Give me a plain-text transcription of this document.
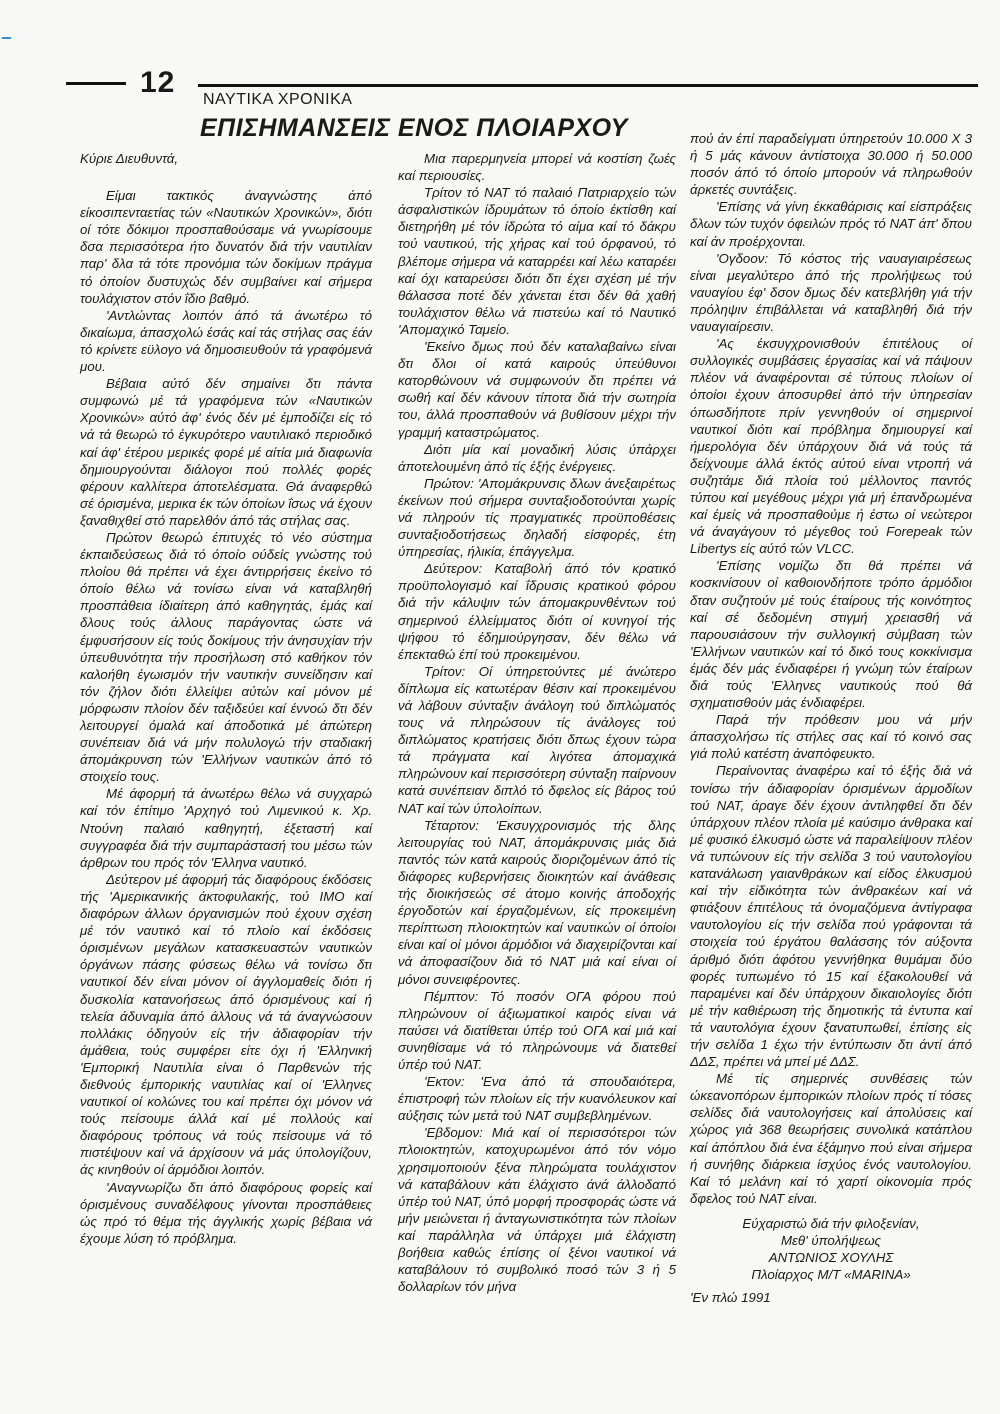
12
ΝΑΥΤΙΚΑ ΧΡΟΝΙΚΑ
ΕΠΙΣΗΜΑΝΣΕΙΣ ΕΝΟΣ ΠΛΟΙΑΡΧΟΥ

Κύριε Διευθυντά,

Είμαι τακτικός άναγνώστης άπό είκοσιπενταετίας τών «Ναυτικών Χρονικών», διότι οί τότε δόκιμοι προσπαθούσαμε νά γνωρίσουμε δσα περισσότερα ήτο δυνατόν διά τήν ναυτιλίαν παρ' δλα τά τότε προνόμια τών δοκίμων πράγμα τό όποίον δυστυχώς δέν συμβαίνει καί σήμερα τουλάχιστον στόν ΐδιο βαθμό.

'Αντλώντας λοιπόν άπό τά άνωτέρω τό δικαίωμα, άπασχολώ έσάς καί τάς στήλας σας έάν τό κρίνετε εϋλογο νά δημοσιευθούν τά γραφόμενά μου.

Βέβαια αύτό δέν σημαίνει δτι πάντα συμφωνώ μέ τά γραφόμενα τών «Ναυτικών Χρονικών» αύτό άφ' ένός δέν μέ έμποδίζει είς τό νά τά θεωρώ τό έγκυρότερο ναυτιλιακό περιοδικό καί άφ' έτέρου μερικές φορέ μέ αίτία μιά διαφωνία δημιουργούνται διάλογοι πού πολλές φορές φέρουν καλλίτερα άποτελέσματα. Θά άναφερθώ σέ όρισμένα, μερικα έκ τών όποίων ΐσως νά έχουν ξαναθιχθεί στό παρελθόν άπό τάς στήλας σας.

Πρώτον θεωρώ έπιτυχές τό νέο σύστημα έκπαιδεύσεως διά τό όποίο ούδείς γνώστης τού πλοίου θά πρέπει νά έχει άντιρρήσεις έκείνο τό όποίο θέλω νά τονίσω είναι νά καταβληθή προσπάθεια ίδιαίτερη άπό καθηγητάς, έμάς καί δλους τούς άλλους παράγοντας ώστε νά έμφυσήσουν είς τούς δοκίμους τήν άνησυχίαν τήν ύπευθυνότητα τήν προσήλωση στό καθήκον τόν καλοήθη έγωισμόν τήν ναυτικήν συνείδησιν καί τόν ζήλον διότι έλλείψει αύτών καί μόνον μέ μόρφωσιν πλοίον δέν ταξιδεύει καί έννοώ δτι δέν λειτουργεί όμαλά καί άποδοτικά μέ άπώτερη συνέπειαν διά νά μήν πολυλογώ τήν σταδιακή άπομάκρυνση τών 'Ελλήνων ναυτικών άπό τό στοιχείο τους.

Μέ άφορμή τά άνωτέρω θέλω νά συγχαρώ καί τόν έπίτιμο 'Αρχηγό τού Λιμενικού κ. Χρ. Ντούνη παλαιό καθηγητή, έξεταστή καί συγγραφέα διά τήν συμπαράστασή του μέσω τών άρθρων του πρός τόν 'Ελληνα ναυτικό.

Δεύτερον μέ άφορμή τάς διαφόρους έκδόσεις τής 'Αμερικανικής άκτοφυλακής, τού IMO καί διαφόρων άλλων όργανισμών πού έχουν σχέση μέ τόν ναυτικό καί τό πλοίο καί έκδόσεις όρισμένων μεγάλων κατασκευαστών ναυτικών όργάνων πάσης φύσεως θέλω νά τονίσω δτι ναυτικοί δέν είναι μόνον οί άγγλομαθείς διότι ή δυσκολία κατανοήσεως άπό όρισμένους καί ή τελεία άδυναμία άπό άλλους νά τά άναγνώσουν πολλάκις όδηγούν είς τήν άδιαφορίαν τήν άμάθεια, τούς συμφέρει είτε όχι ή 'Ελληνική 'Εμπορική Ναυτιλία είναι ό Παρθενών τής διεθνούς έμπορικής ναυτιλίας καί οί 'Ελληνες ναυτικοί οί κολώνες του καί πρέπει όχι μόνον νά τούς πείσουμε άλλά καί μέ πολλούς καί διαφόρους τρόπους νά τούς πείσουμε νά τό πιστέψουν καί νά άρχίσουν νά μάς ύπολογίζουν, άς κινηθούν οί άρμόδιοι λοιπόν.

'Αναγνωρίζω δτι άπό διαφόρους φορείς καί όρισμένους συναδέλφους γίνονται προσπάθειες ώς πρό τό θέμα τής άγγλικής χωρίς βέβαια νά έχουμε λύση τό πρόβλημα.

Μια παρερμηνεία μπορεί νά κοστίση ζωές καί περιουσίες.

Τρίτον τό ΝΑΤ τό παλαιό Πατριαρχείο τών άσφαλιστικών ίδρυμάτων τό όποίο έκτίσθη καί διετηρήθη μέ τόν ίδρώτα τό αίμα καί τό δάκρυ τού ναυτικού, τής χήρας καί τού όρφανού, τό βλέπομε σήμερα νά καταρρέει καί λέω καταρέει καί όχι καταρεύσει διότι δτι έχει σχέση μέ τήν θάλασσα ποτέ δέν χάνεται έτσι δέν θά χαθή τουλάχιστον θέλω νά πιστεύω καί τό Ναυτικό 'Απομαχικό Ταμείο.

'Εκείνο δμως πού δέν καταλαβαίνω είναι δτι δλοι οί κατά καιρούς ύπεύθυνοι κατορθώνουν νά συμφωνούν δτι πρέπει νά σωθή καί δέν κάνουν τίποτα διά τήν σωτηρία του, άλλά προσπαθούν νά βυθίσουν μέχρι τήν γραμμή καταστρώματος.

Διότι μία καί μοναδική λύσις ύπάρχει άποτελουμένη άπό τίς έξής ένέργειες.

Πρώτον: 'Απομάκρυνσις δλων άνεξαιρέτως έκείνων πού σήμερα συνταξιοδοτούνται χωρίς νά πληρούν τίς πραγματικές προϋποθέσεις συνταξιοδοτήσεως δηλαδή είσφορές, έτη ύπηρεσίας, ήλικία, έπάγγελμα.

Δεύτερον: Καταβολή άπό τόν κρατικό προϋπολογισμό καί ΐδρυσις κρατικού φόρου διά τήν κάλυψιν τών άπομακρυνθέντων τού σημερινού έλλείμματος διότι οί κυνηγοί τής ψήφου τό έδημιούργησαν, δέν θέλω νά έπεκταθώ έπί τού προκειμένου.

Τρίτον: Οί ύπηρετούντες μέ άνώτερο δίπλωμα είς κατωτέραν θέσιν καί προκειμένου νά λάβουν σύνταξιν άνάλογη τού διπλώματός τους νά πληρώσουν τίς άνάλογες τού διπλώματος κρατήσεις διότι δπως έχουν τώρα τά πράγματα καί λιγότεα άπομαχικά πληρώνουν καί περισσότερη σύνταξη παίρνουν κατά συνέπειαν διπλό τό δφελος είς βάρος τού ΝΑΤ καί τών ύπολοίπων.

Τέταρτον: 'Εκσυγχρονισμός τής δλης λειτουργίας τού ΝΑΤ, άπομάκρυνσις μιάς διά παντός τών κατά καιρούς διοριζομένων άπό τίς διάφορες κυβερνήσεις διοικητών καί άνάθεσις τής διοικήσεώς σέ άτομο κοινής άποδοχής έργοδοτών καί έργαζομένων, είς προκειμένη περίπτωση πλοιοκτητών καί ναυτικών οί όποίοι είναι καί οί μόνοι άρμόδιοι νά διαχειρίζονται καί νά άποφασίζουν διά τό ΝΑΤ μιά καί είναι οί μόνοι συνειφέροντες.

Πέμπτον: Τό ποσόν ΟΓΑ φόρου πού πληρώνουν οί άξιωματικοί καιρός είναι νά παύσει νά διατίθεται ύπέρ τού ΟΓΑ καί μιά καί συνηθίσαμε νά τό πληρώνουμε νά διατεθεί ύπέρ τού ΝΑΤ.

'Εκτον: 'Ενα άπό τά σπουδαιότερα, έπιστροφή τών πλοίων είς τήν κυανόλευκον καί αύξησις τών μετά τού ΝΑΤ συμβεβλημένων.

'Εβδομον: Μιά καί οί περισσότεροι τών πλοιοκτητών, κατοχυρωμένοι άπό τόν νόμο χρησιμοποιούν ξένα πληρώματα τουλάχιστον νά καταβάλουν κάτι έλάχιστο άνά άλλοδαπό ύπέρ τού ΝΑΤ, ύπό μορφή προσφοράς ώστε νά μήν μειώνεται ή άνταγωνιστικότητα τών πλοίων καί παράλληλα νά ύπάρχει μιά έλάχιστη βοήθεια καθώς έπίσης οί ξένοι ναυτικοί νά καταβάλουν τό συμβολικό ποσό τών 3 ή 5 δολλαρίων τόν μήνα

πού άν έπί παραδείγματι ύπηρετούν 10.000 Χ 3 ή 5 μάς κάνουν άντίστοιχα 30.000 ή 50.000 ποσόν άπό τό όποίο μπορούν νά πληρωθούν άρκετές συντάξεις.

'Επίσης νά γίνη έκκαθάρισις καί είσπράξεις δλων τών τυχόν όφειλών πρός τό ΝΑΤ άπ' δπου καί άν προέρχονται.

'Ογδοον: Τό κόστος τής ναυαγιαιρέσεως είναι μεγαλύτερο άπό τής προλήψεως τού ναυαγίου έφ' δσον δμως δέν κατεβλήθη γιά τήν πρόληψιν έπιβάλλεται νά καταβληθή διά τήν ναυαγιαίρεσιν.

'Ας έκσυγχρονισθούν έπιτέλους οί συλλογικές συμβάσεις έργασίας καί νά πάψουν πλέον νά άναφέρονται σέ τύπους πλοίων οί όποίοι έχουν άποσυρθεί άπό τήν ύπηρεσίαν όπωσδήποτε πρίν γεννηθούν οί σημερινοί ναυτικοί διότι καί πρόβλημα δημιουργεί καί ήμερολόγια δέν ύπάρχουν διά νά τούς τά δείχνουμε άλλά έκτός αύτού είναι ντροπή νά συζητάμε διά πλοία τού μέλλοντος παντός τύπου καί μεγέθους μέχρι γιά μή έπανδρωμένα καί έμείς νά προσπαθούμε ή έστω οί νεώτεροι νά άναγάγουν τό μέγεθος τού Forepeak τών Libertys είς αύτό τών VLCC.

'Επίσης νομίζω δτι θά πρέπει νά κοσκινίσουν οί καθοιονδήποτε τρόπο άρμόδιοι δταν συζητούν μέ τούς έταίρους τής κοινότητος καί σέ δεδομένη στιγμή χρειασθή νά παρουσιάσουν τήν συλλογική σύμβαση τών 'Ελλήνων ναυτικών καί τό δικό τους κοκκίνισμα έμάς δέν μάς ένδιαφέρει ή γνώμη τών έταίρων διά τούς 'Ελληνες ναυτικούς πού θά σχηματισθούν μάς ένδιαφέρει.

Παρά τήν πρόθεσιν μου νά μήν άπασχολήσω τίς στήλες σας καί τό κοινό σας γιά πολύ κατέστη άναπόφευκτο.

Περαίνοντας άναφέρω καί τό έξής διά νά τονίσω τήν άδιαφορίαν όρισμένων άρμοδίων τού ΝΑΤ, άραγε δέν έχουν άντιληφθεί δτι δέν ύπάρχουν πλέον πλοία μέ καύσιμο άνθρακα καί μέ φυσικό έλκυσμό ώστε νά παραλείψουν πλέον νά τυπώνουν είς τήν σελίδα 3 τού ναυτολογίου κατανάλωση γαιανθράκων καί είδος έλκυσμού καί τήν είδικότητα τών άνθρακέων καί νά φτιάξουν έπιτέλους τά όνομαζόμενα άντίγραφα ναυτολογίου είς τήν σελίδα πού γράφονται τά στοιχεία τού έργάτου θαλάσσης τόν αύξοντα άριθμό διότι άφότου γεννήθηκα θυμάμαι δύο φορές τυπωμένο τό 15 καί έξακολουθεί νά παραμένει καί δέν ύπάρχουν δικαιολογίες διότι μέ τήν καθιέρωση τής δημοτικής τά έντυπα καί τά ναυτολόγια έχουν ξανατυπωθεί, έπίσης είς τήν σελίδα 1 έχω τήν έντύπωσιν δτι άντί άπό ΔΔΣ, πρέπει νά μπεί μέ ΔΔΣ.

Μέ τίς σημερινές συνθέσεις τών ώκεανοπόρων έμπορικών πλοίων πρός τί τόσες σελίδες διά ναυτολογήσεις καί άπολύσεις καί χώρος γιά 368 θεωρήσεις συνολικά κατάπλου καί άπόπλου διά ένα έξάμηνο πού είναι σήμερα ή συνήθης διάρκεια ίσχύος ένός ναυτολογίου. Καί τό μελάνη καί τό χαρτί οίκονομία πρός δφελος τού ΝΑΤ είναι.

Εύχαριστώ διά τήν φιλοξενίαν,

Μεθ' ύπολήψεως

ΑΝΤΩΝΙΟΣ ΧΟΥΛΗΣ

Πλοίαρχος Μ/Τ «MARINA»

'Εν πλώ 1991
